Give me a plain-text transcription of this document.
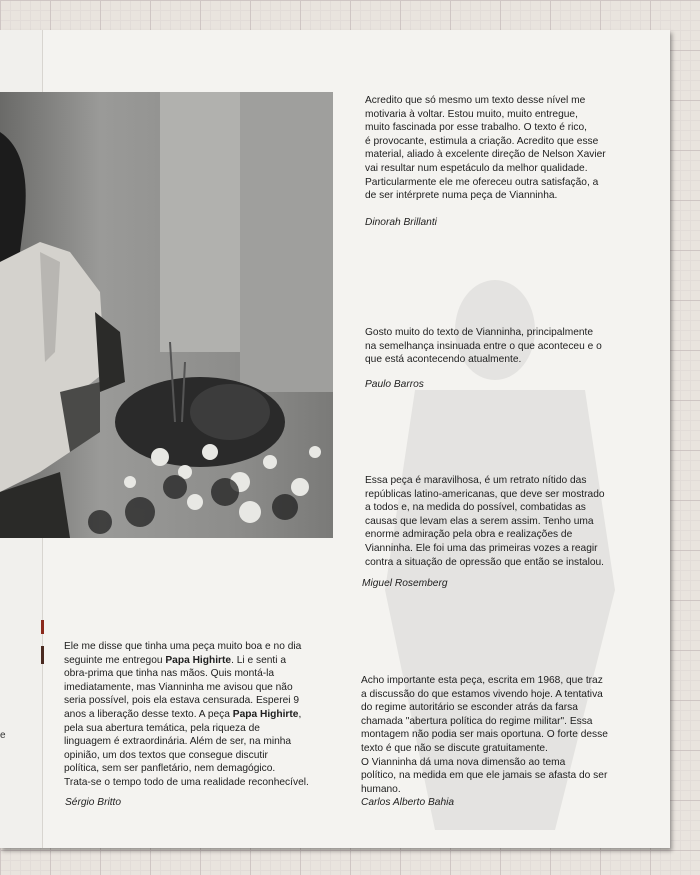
e

Acredito que só mesmo um texto desse nível me
motivaria à voltar. Estou muito, muito entregue,
muito fascinada por esse trabalho. O texto é rico,
é provocante, estimula a criação. Acredito que esse
material, aliado à excelente direção de Nelson Xavier
vai resultar num espetáculo da melhor qualidade.
Particularmente ele me ofereceu outra satisfação, a
de ser intérprete numa peça de Vianninha.

Dinorah Brillanti

Gosto muito do texto de Vianninha, principalmente
na semelhança insinuada entre o que aconteceu e o
que está acontecendo atualmente.

Paulo Barros

Essa peça é maravilhosa, é um retrato nítido das
repúblicas latino-americanas, que deve ser mostrado
a todos e, na medida do possível, combatidas as
causas que levam elas a serem assim. Tenho uma
enorme admiração pela obra e realizações de
Vianninha. Ele foi uma das primeiras vozes a reagir
contra a situação de opressão que então se instalou.

Miguel Rosemberg

Ele me disse que tinha uma peça muito boa e no dia
seguinte me entregou Papa Highirte. Li e senti a
obra-prima que tinha nas mãos. Quis montá-la
imediatamente, mas Vianninha me avisou que não
seria possível, pois ela estava censurada. Esperei 9
anos a liberação desse texto. A peça Papa Highirte,
pela sua abertura temática, pela riqueza de
linguagem é extraordinária. Além de ser, na minha
opinião, um dos textos que consegue discutir
política, sem ser panfletário, nem demagógico.
Trata-se o tempo todo de uma realidade reconhecível.

Sérgio Britto

Acho importante esta peça, escrita em 1968, que traz
a discussão do que estamos vivendo hoje. A tentativa
do regime autoritário se esconder atrás da farsa
chamada "abertura política do regime militar". Essa
montagem não podia ser mais oportuna. O forte desse
texto é que não se discute gratuitamente.
O Vianninha dá uma nova dimensão ao tema
político, na medida em que ele jamais se afasta do ser
humano.

Carlos Alberto Bahia
